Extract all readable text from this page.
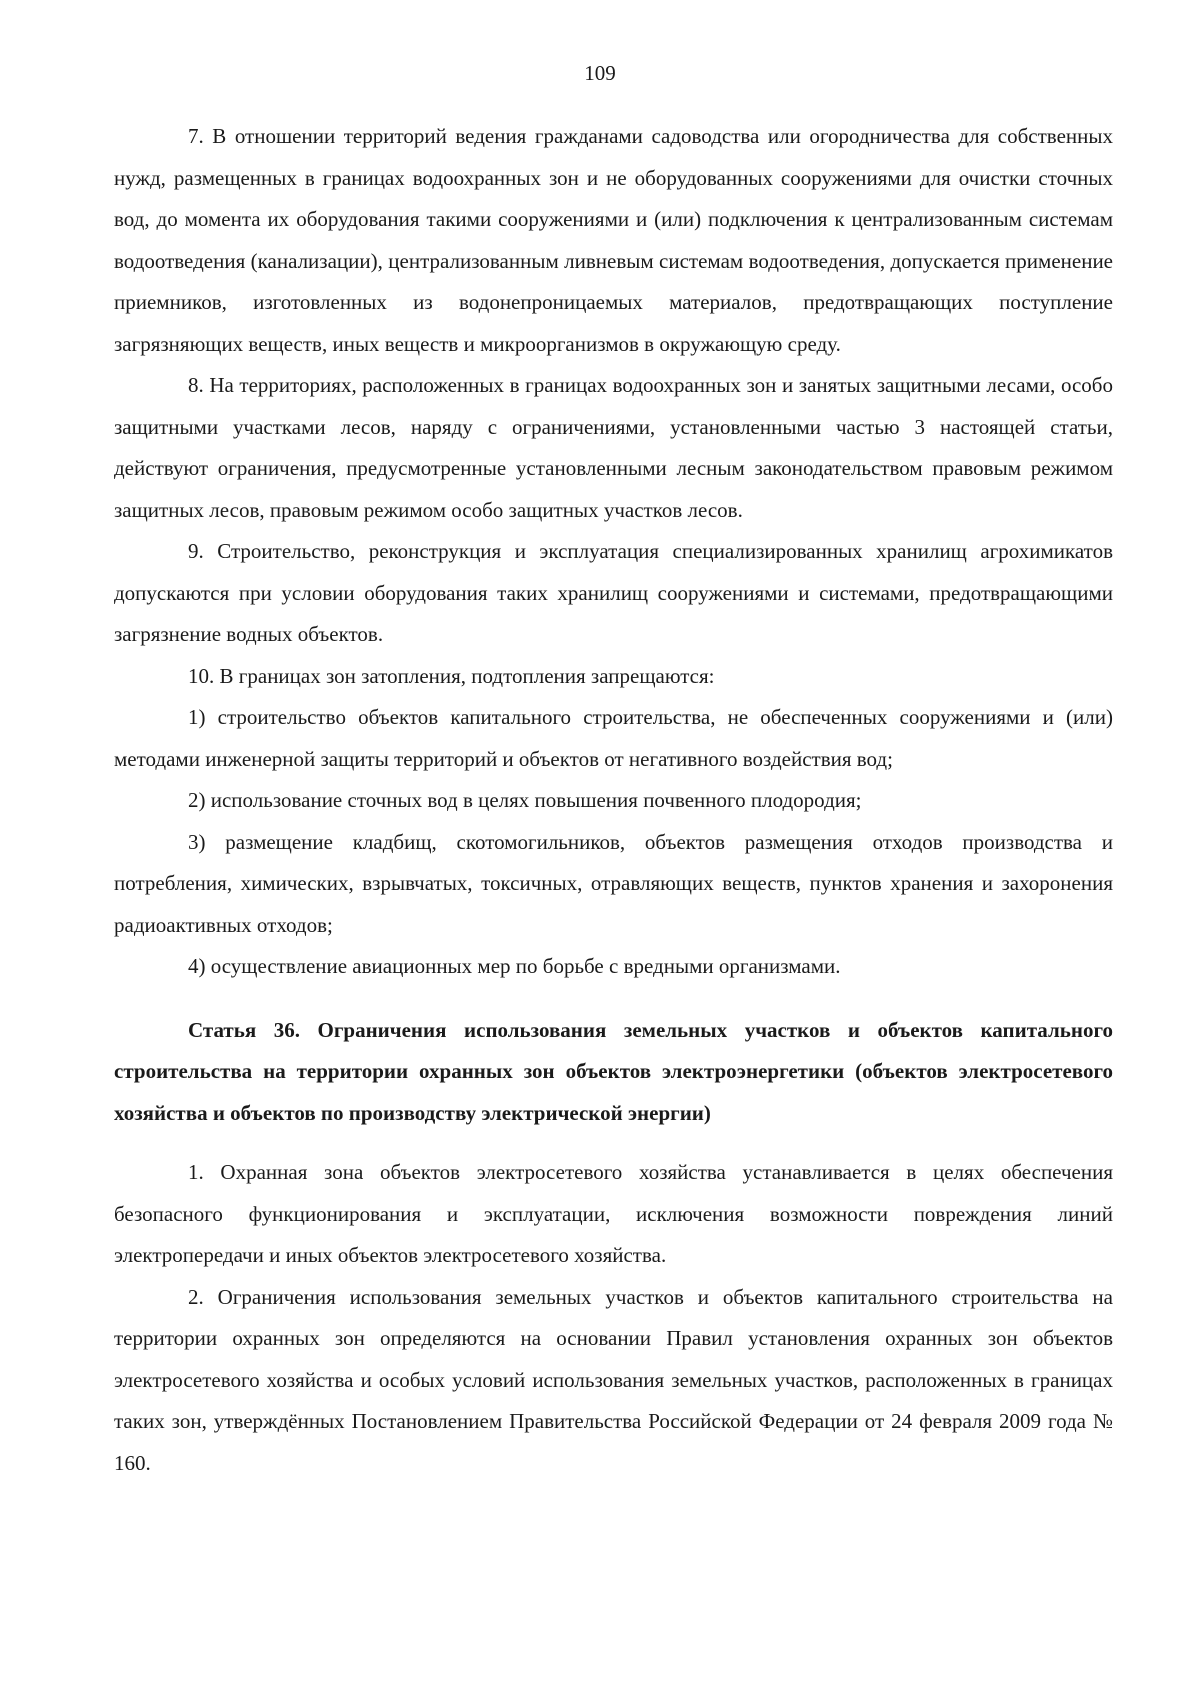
109

7. В отношении территорий ведения гражданами садоводства или огородничества для собственных нужд, размещенных в границах водоохранных зон и не оборудованных сооружениями для очистки сточных вод, до момента их оборудования такими сооружениями и (или) подключения к централизованным системам водоотведения (канализации), централизованным ливневым системам водоотведения, допускается применение приемников, изготовленных из водонепроницаемых материалов, предотвращающих поступление загрязняющих веществ, иных веществ и микроорганизмов в окружающую среду.

8. На территориях, расположенных в границах водоохранных зон и занятых защитными лесами, особо защитными участками лесов, наряду с ограничениями, установленными частью 3 настоящей статьи, действуют ограничения, предусмотренные установленными лесным законодательством правовым режимом защитных лесов, правовым режимом особо защитных участков лесов.

9. Строительство, реконструкция и эксплуатация специализированных хранилищ агрохимикатов допускаются при условии оборудования таких хранилищ сооружениями и системами, предотвращающими загрязнение водных объектов.

10. В границах зон затопления, подтопления запрещаются:

1) строительство объектов капитального строительства, не обеспеченных сооружениями и (или) методами инженерной защиты территорий и объектов от негативного воздействия вод;

2) использование сточных вод в целях повышения почвенного плодородия;

3) размещение кладбищ, скотомогильников, объектов размещения отходов производства и потребления, химических, взрывчатых, токсичных, отравляющих веществ, пунктов хранения и захоронения радиоактивных отходов;

4) осуществление авиационных мер по борьбе с вредными организмами.

Статья 36. Ограничения использования земельных участков и объектов капитального строительства на территории охранных зон объектов электроэнергетики (объектов электросетевого хозяйства и объектов по производству электрической энергии)

1. Охранная зона объектов электросетевого хозяйства устанавливается в целях обеспечения безопасного функционирования и эксплуатации, исключения возможности повреждения линий электропередачи и иных объектов электросетевого хозяйства.

2. Ограничения использования земельных участков и объектов капитального строительства на территории охранных зон определяются на основании Правил установления охранных зон объектов электросетевого хозяйства и особых условий использования земельных участков, расположенных в границах таких зон, утверждённых Постановлением Правительства Российской Федерации от 24 февраля 2009 года № 160.
